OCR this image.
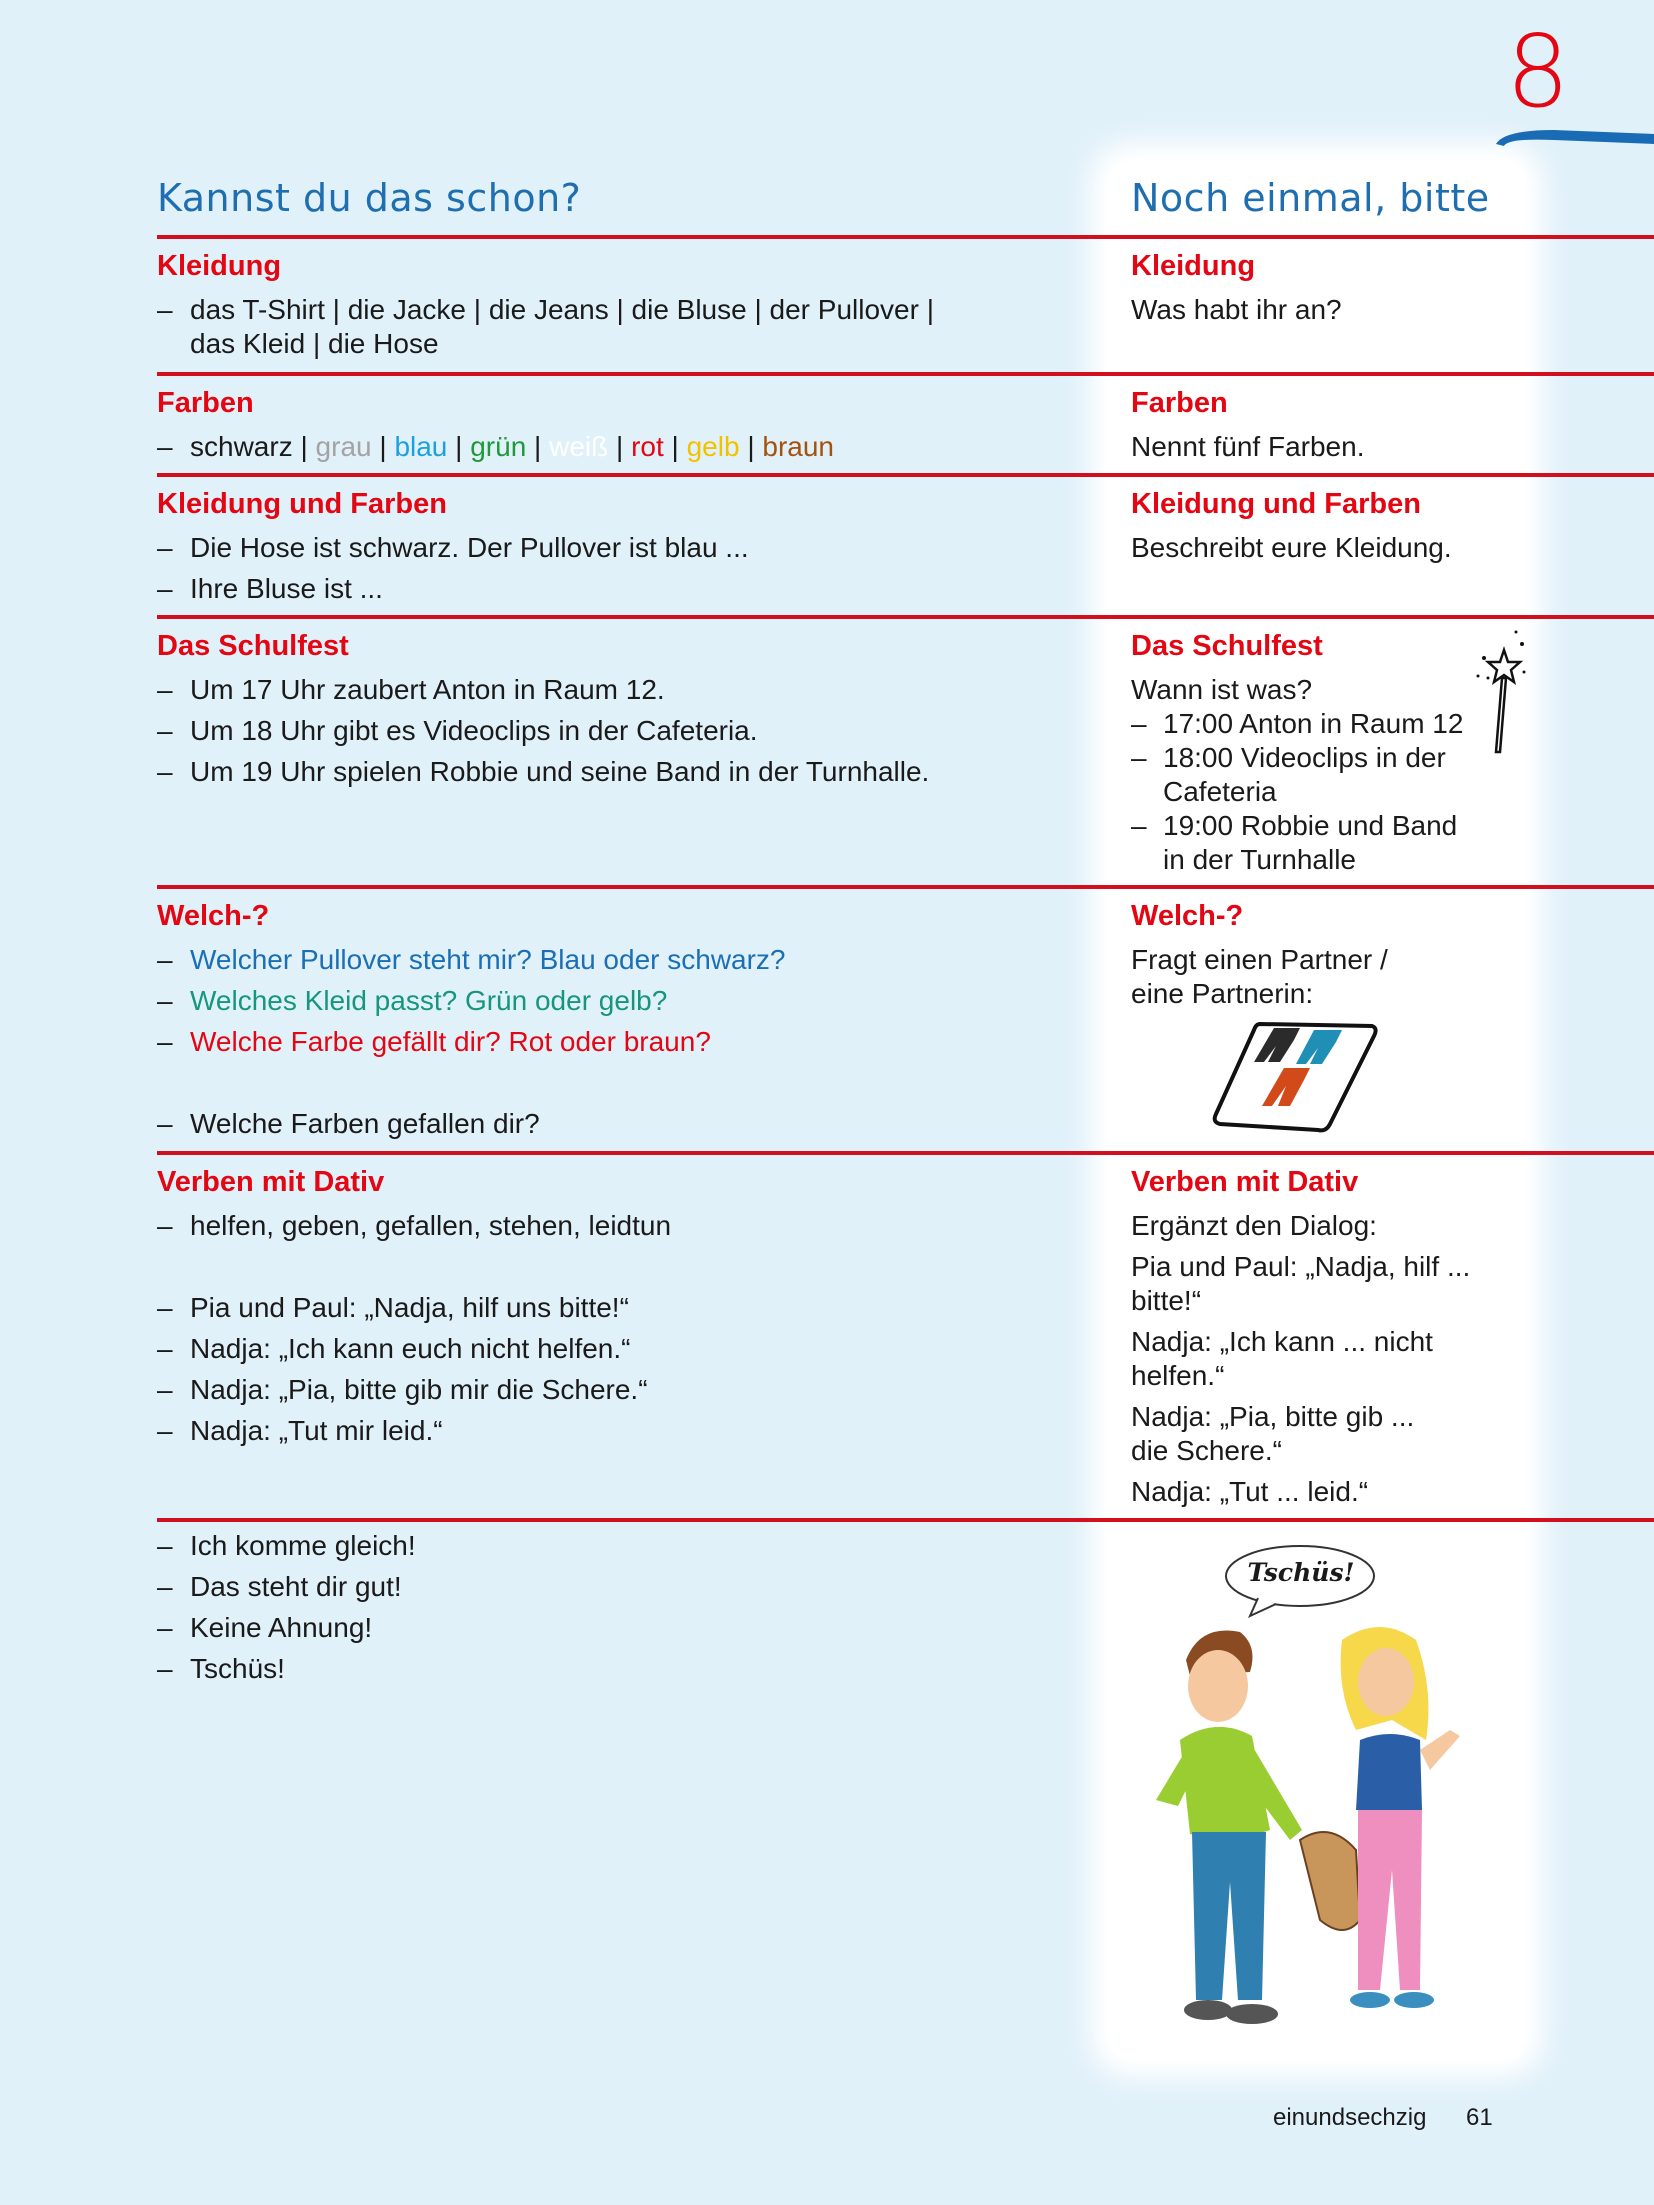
8
Kannst du das schon?	Noch einmal, bitte
Kleidung
– das T-Shirt | die Jacke | die Jeans | die Bluse | der Pullover |
das Kleid | die Hose
Kleidung
Was habt ihr an?
Farben
– schwarz | grau | blau | grün | weiß | rot | gelb | braun
Farben
Nennt fünf Farben.
Kleidung und Farben
– Die Hose ist schwarz. Der Pullover ist blau ...
– Ihre Bluse ist ...
Kleidung und Farben
Beschreibt eure Kleidung.
Das Schulfest
– Um 17 Uhr zaubert Anton in Raum 12.
– Um 18 Uhr gibt es Videoclips in der Cafeteria.
– Um 19 Uhr spielen Robbie und seine Band in der Turnhalle.
Das Schulfest
Wann ist was?
– 17:00 Anton in Raum 12
– 18:00 Videoclips in der
Cafeteria
– 19:00 Robbie und Band
in der Turnhalle
Welch-?
– Welcher Pullover steht mir? Blau oder schwarz?
– Welches Kleid passt? Grün oder gelb?
– Welche Farbe gefällt dir? Rot oder braun?
– Welche Farben gefallen dir?
Welch-?
Fragt einen Partner /
eine Partnerin:
Verben mit Dativ
– helfen, geben, gefallen, stehen, leidtun
– Pia und Paul: „Nadja, hilf uns bitte!“
– Nadja: „Ich kann euch nicht helfen.“
– Nadja: „Pia, bitte gib mir die Schere.“
– Nadja: „Tut mir leid.“
Verben mit Dativ
Ergänzt den Dialog:
Pia und Paul: „Nadja, hilf ...
bitte!“
Nadja: „Ich kann ... nicht
helfen.“
Nadja: „Pia, bitte gib ...
die Schere.“
Nadja: „Tut ... leid.“
– Ich komme gleich!
– Das steht dir gut!
– Keine Ahnung!
– Tschüs!
Tschüs!
einundsechzig 61
